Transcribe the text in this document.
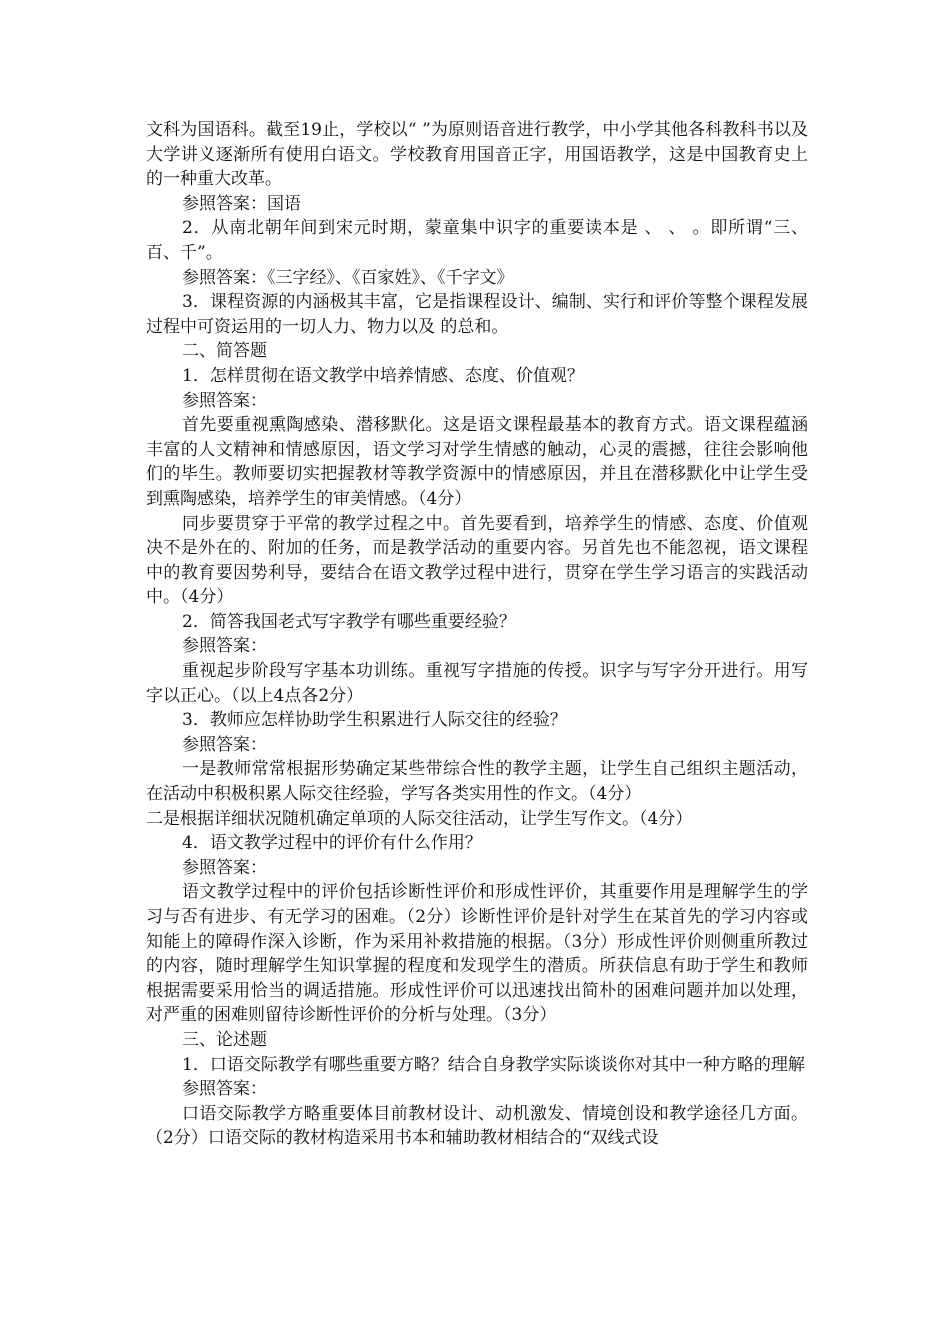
文科为国语科。截至19止，学校以“ ”为原则语音进行教学，中小学其他各科教科书以及大学讲义逐渐所有使用白语文。学校教育用国音正字，用国语教学，这是中国教育史上的一种重大改革。

参照答案：国语

2．从南北朝年间到宋元时期，蒙童集中识字的重要读本是 、 、 。即所谓“三、百、千”。

参照答案：《三字经》、《百家姓》、《千字文》

3．课程资源的内涵极其丰富，它是指课程设计、编制、实行和评价等整个课程发展过程中可资运用的一切人力、物力以及 的总和。

二、简答题

1．怎样贯彻在语文教学中培养情感、态度、价值观？

参照答案：

首先要重视熏陶感染、潜移默化。这是语文课程最基本的教育方式。语文课程蕴涵丰富的人文精神和情感原因，语文学习对学生情感的触动，心灵的震撼，往往会影响他们的毕生。教师要切实把握教材等教学资源中的情感原因，并且在潜移默化中让学生受到熏陶感染，培养学生的审美情感。（4分）

同步要贯穿于平常的教学过程之中。首先要看到，培养学生的情感、态度、价值观决不是外在的、附加的任务，而是教学活动的重要内容。另首先也不能忽视，语文课程中的教育要因势利导，要结合在语文教学过程中进行，贯穿在学生学习语言的实践活动中。（4分）

2．简答我国老式写字教学有哪些重要经验？

参照答案：

重视起步阶段写字基本功训练。重视写字措施的传授。识字与写字分开进行。用写字以正心。（以上4点各2分）

3．教师应怎样协助学生积累进行人际交往的经验？

参照答案：

一是教师常常根据形势确定某些带综合性的教学主题，让学生自己组织主题活动，在活动中积极积累人际交往经验，学写各类实用性的作文。（4分）

二是根据详细状况随机确定单项的人际交往活动，让学生写作文。（4分）

4．语文教学过程中的评价有什么作用？

参照答案：

语文教学过程中的评价包括诊断性评价和形成性评价，其重要作用是理解学生的学习与否有进步、有无学习的困难。（2分）诊断性评价是针对学生在某首先的学习内容或知能上的障碍作深入诊断，作为采用补救措施的根据。（3分）形成性评价则侧重所教过的内容，随时理解学生知识掌握的程度和发现学生的潜质。所获信息有助于学生和教师根据需要采用恰当的调适措施。形成性评价可以迅速找出简朴的困难问题并加以处理，对严重的困难则留待诊断性评价的分析与处理。（3分）

三、论述题

1．口语交际教学有哪些重要方略？结合自身教学实际谈谈你对其中一种方略的理解

参照答案：

口语交际教学方略重要体目前教材设计、动机激发、情境创设和教学途径几方面。（2分）口语交际的教材构造采用书本和辅助教材相结合的“双线式设
